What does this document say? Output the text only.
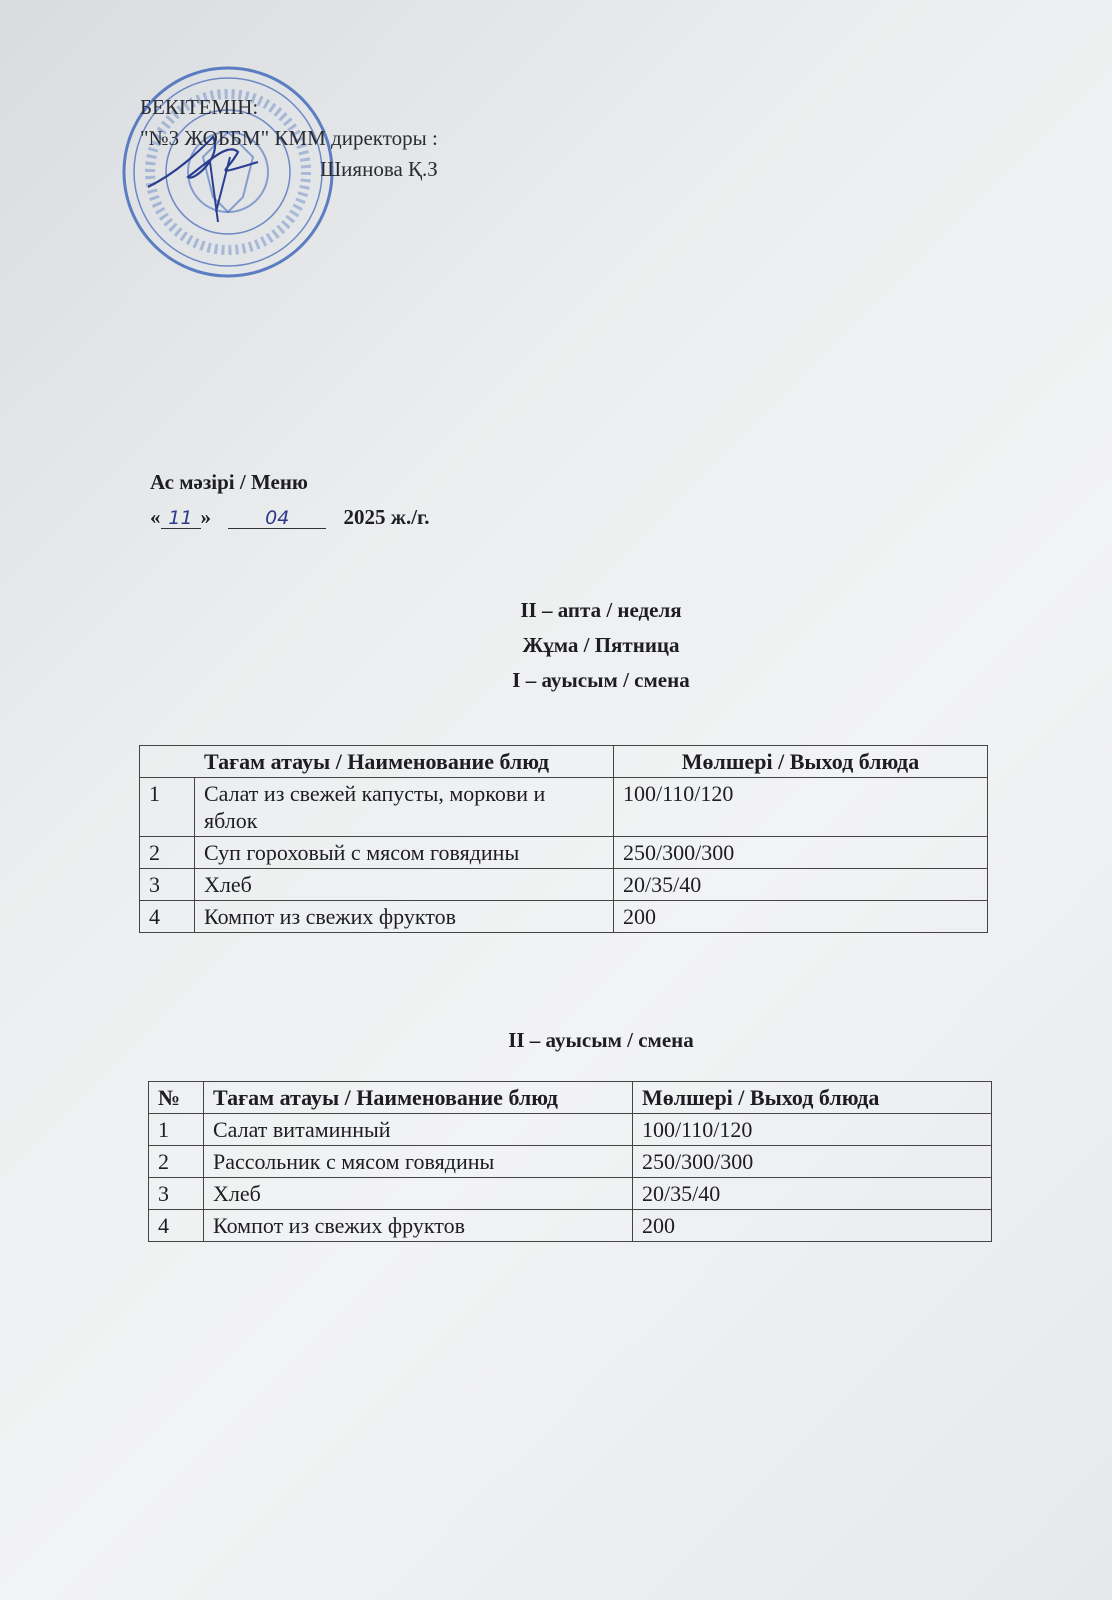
БЕКІТЕМІН:
"№3 ЖОББМ" КММ директоры :
Шиянова Қ.З
Ас мәзірі / Меню
« 11 »	04	2025 ж./г.
II – апта / неделя
Жұма / Пятница
I – ауысым / смена
Тағам атауы / Наименование блюд		Мөлшері / Выход блюда
1	Салат из свежей капусты, моркови и яблок	100/110/120
2	Суп гороховый с мясом говядины	250/300/300
3	Хлеб	20/35/40
4	Компот из свежих фруктов	200
II – ауысым / смена
№	Тағам атауы / Наименование блюд	Мөлшері / Выход блюда
1	Салат витаминный	100/110/120
2	Рассольник с мясом говядины	250/300/300
3	Хлеб	20/35/40
4	Компот из свежих фруктов	200
